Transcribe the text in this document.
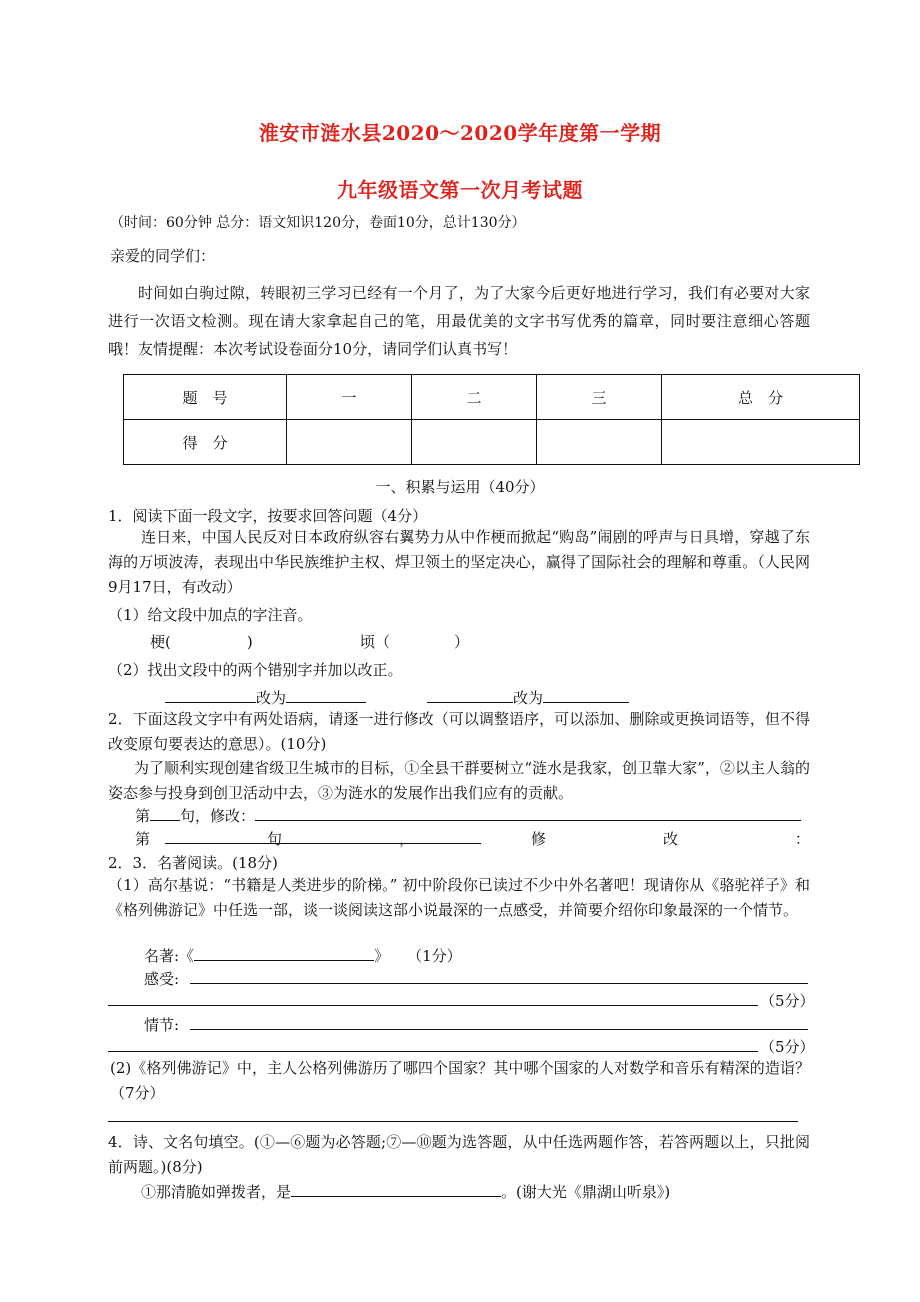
淮安市涟水县2020～2020学年度第一学期
九年级语文第一次月考试题
（时间：60分钟 总分：语文知识120分，卷面10分，总计130分）
亲爱的同学们：
时间如白驹过隙，转眼初三学习已经有一个月了，为了大家今后更好地进行学习，我们有必要对大家进行一次语文检测。现在请大家拿起自己的笔，用最优美的文字书写优秀的篇章，同时要注意细心答题哦！友情提醒：本次考试设卷面分10分，请同学们认真书写！
题　号	一	二	三	总　分
得　分				
一、积累与运用（40分）
1．阅读下面一段文字，按要求回答问题（4分）
连日来，中国人民反对日本政府纵容右翼势力从中作梗而掀起“购岛”闹剧的呼声与日具增，穿越了东海的万顷波涛，表现出中华民族维护主权、焊卫领土的坚定决心，赢得了国际社会的理解和尊重。（人民网9月17日，有改动）
（1）给文段中加点的字注音。
梗(	)	顷（	）
（2）找出文段中的两个错别字并加以改正。
改为	改为
2．下面这段文字中有两处语病，请逐一进行修改（可以调整语序，可以添加、删除或更换词语等，但不得改变原句要表达的意思）。(10分)
为了顺利实现创建省级卫生城市的目标，①全县干群要树立“涟水是我家，创卫靠大家”，②以主人翁的姿态参与投身到创卫活动中去，③为涟水的发展作出我们应有的贡献。
第 句，修改：
第	句	，	修	改	：
2．3．名著阅读。(18分)
（1）高尔基说：“书籍是人类进步的阶梯。” 初中阶段你已读过不少中外名著吧！现请你从《骆驼祥子》和《格列佛游记》中任选一部，谈一谈阅读这部小说最深的一点感受，并简要介绍你印象最深的一个情节。
名著:《	》 （1分）
感受:
（5分）
情节:
（5分）
(2)《格列佛游记》中，主人公格列佛游历了哪四个国家？其中哪个国家的人对数学和音乐有精深的造诣？（7分）
4．诗、文名句填空。(①—⑥题为必答题;⑦—⑩题为选答题，从中任选两题作答，若答两题以上，只批阅前两题。)(8分)
①那清脆如弹拨者，是	。(谢大光《鼎湖山听泉》)
